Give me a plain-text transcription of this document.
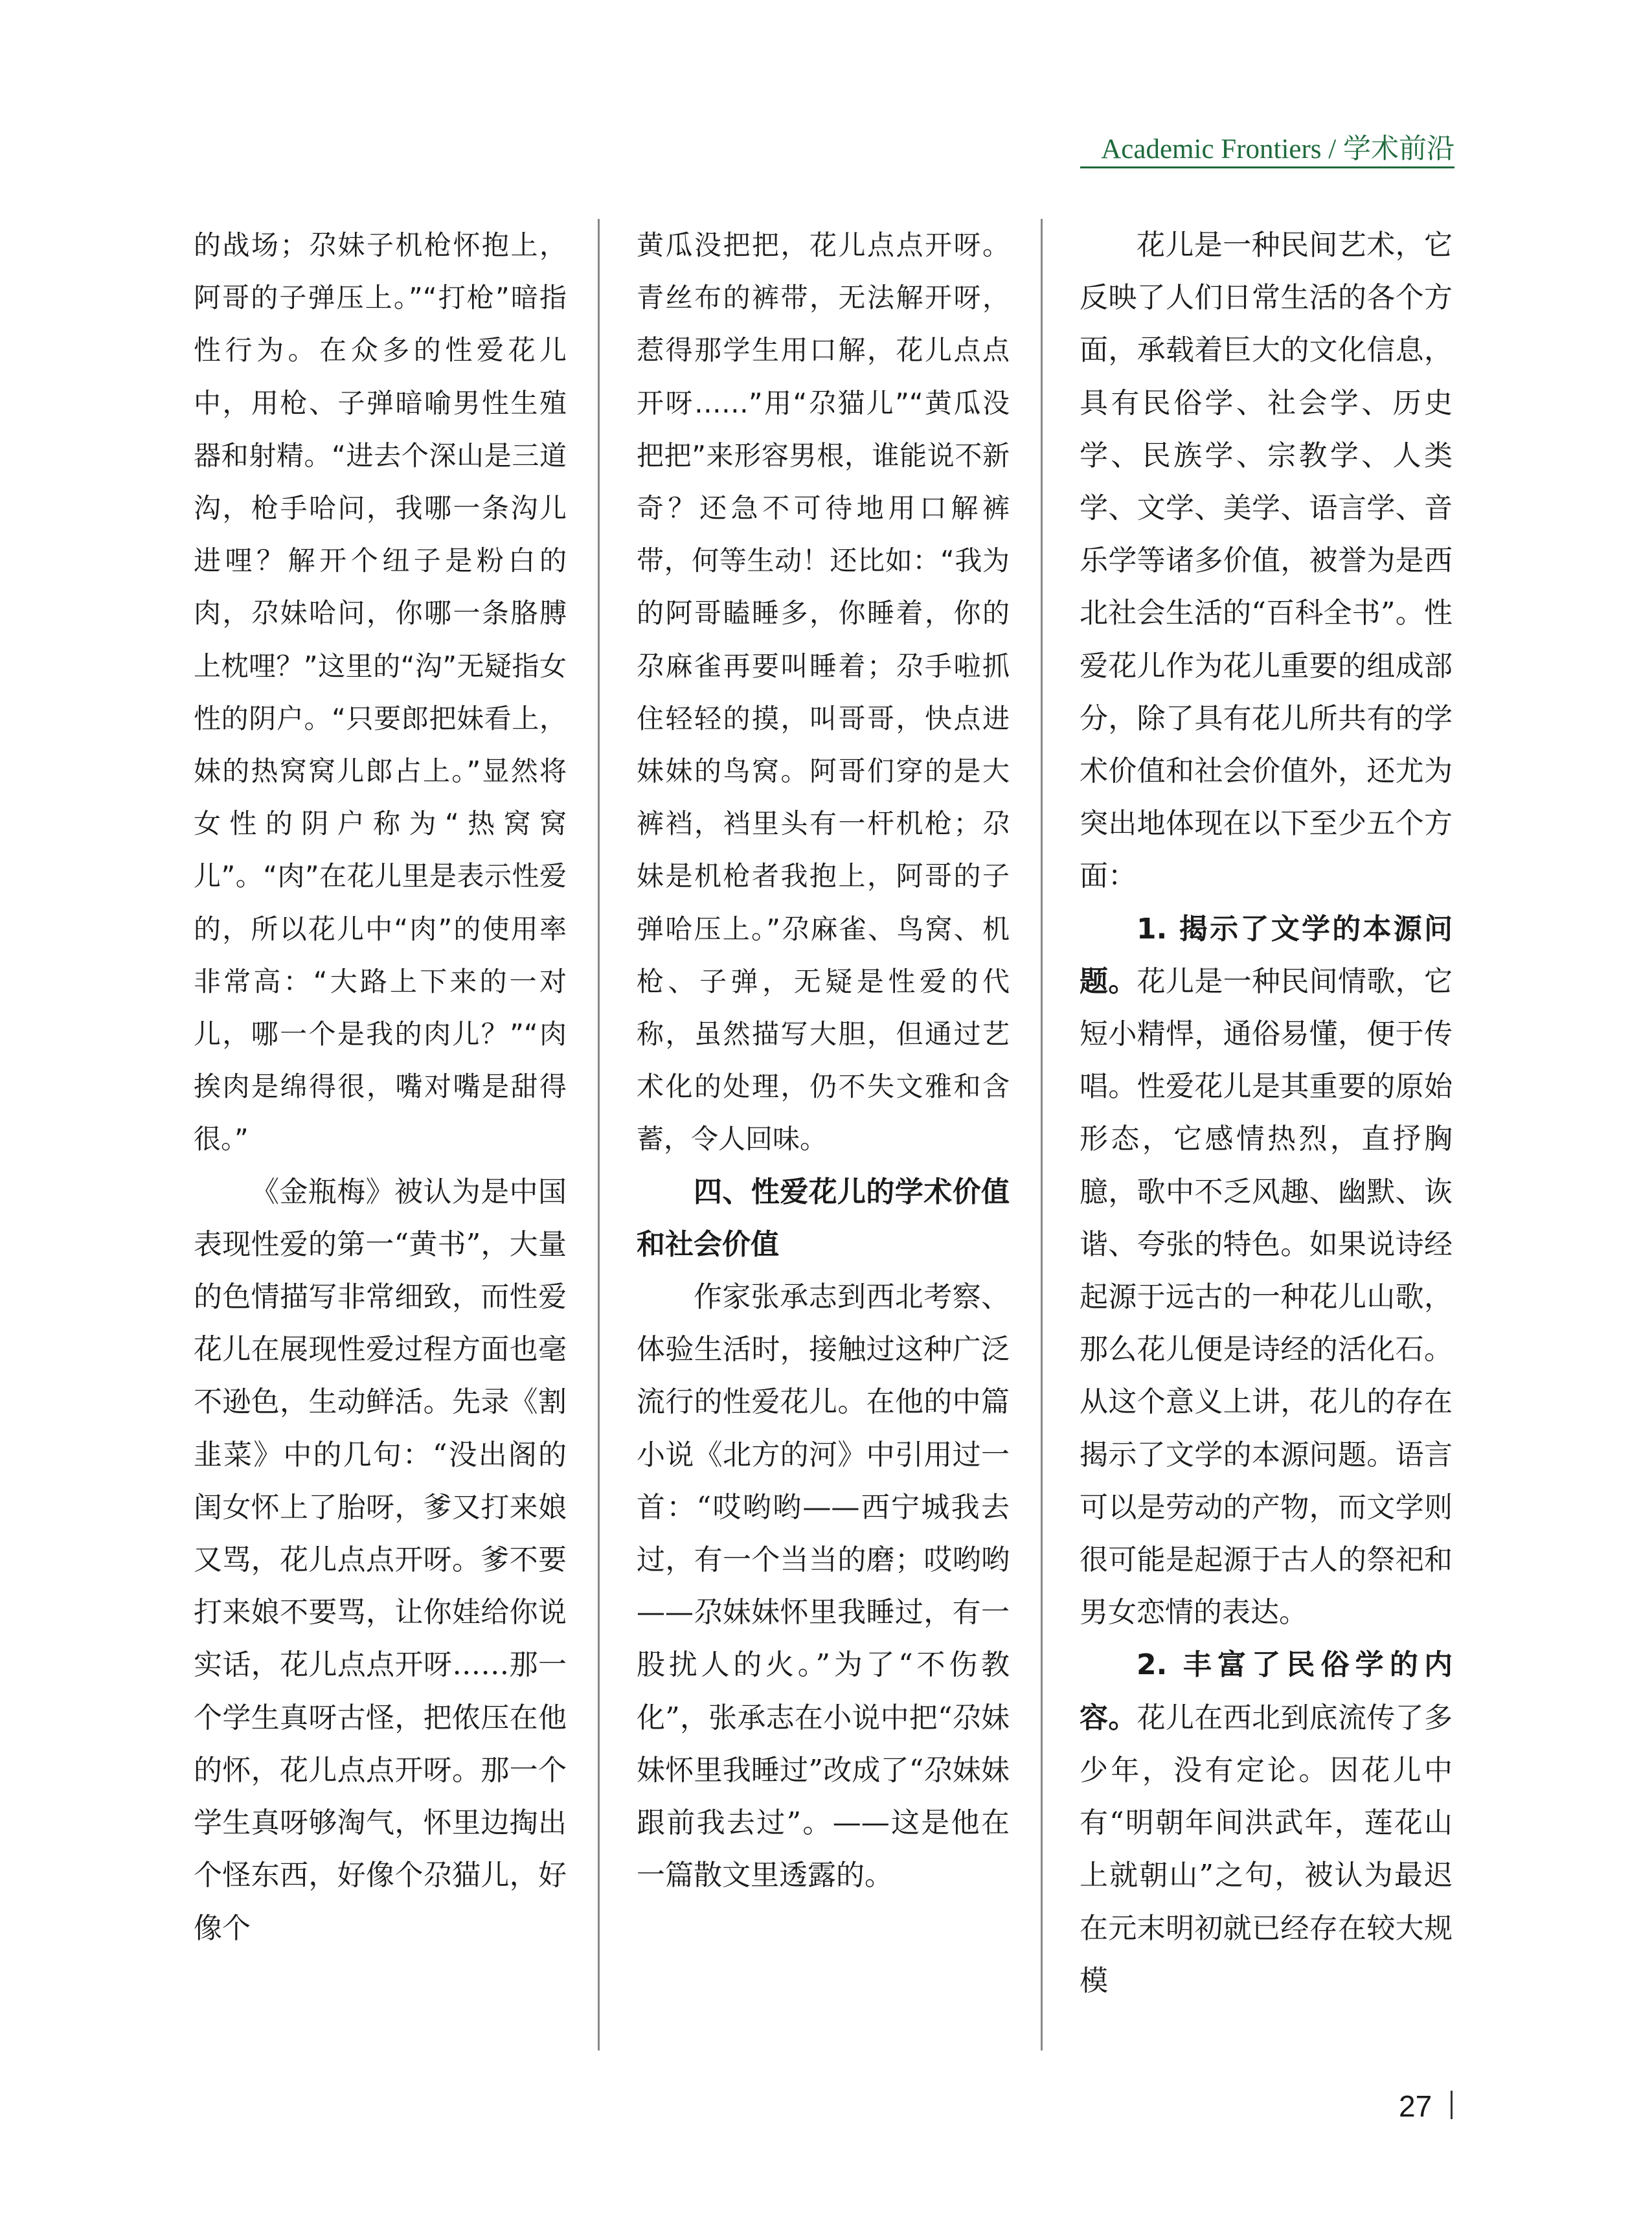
Academic Frontiers / 学术前沿

的战场；尕妹子机枪怀抱上，阿哥的子弹压上。”“打枪”暗指性行为。在众多的性爱花儿中，用枪、子弹暗喻男性生殖器和射精。“进去个深山是三道沟，枪手哈问，我哪一条沟儿进哩？解开个纽子是粉白的肉，尕妹哈问，你哪一条胳膊上枕哩？”这里的“沟”无疑指女性的阴户。“只要郎把妹看上，妹的热窝窝儿郎占上。”显然将女性的阴户称为“热窝窝儿”。“肉”在花儿里是表示性爱的，所以花儿中“肉”的使用率非常高：“大路上下来的一对儿，哪一个是我的肉儿？”“肉挨肉是绵得很，嘴对嘴是甜得很。”

《金瓶梅》被认为是中国表现性爱的第一“黄书”，大量的色情描写非常细致，而性爱花儿在展现性爱过程方面也毫不逊色，生动鲜活。先录《割韭菜》中的几句：“没出阁的闺女怀上了胎呀，爹又打来娘又骂，花儿点点开呀。爹不要打来娘不要骂，让你娃给你说实话，花儿点点开呀……那一个学生真呀古怪，把侬压在他的怀，花儿点点开呀。那一个学生真呀够淘气，怀里边掏出个怪东西，好像个尕猫儿，好像个

黄瓜没把把，花儿点点开呀。青丝布的裤带，无法解开呀，惹得那学生用口解，花儿点点开呀……”用“尕猫儿”“黄瓜没把把”来形容男根，谁能说不新奇？还急不可待地用口解裤带，何等生动！还比如：“我为的阿哥瞌睡多，你睡着，你的尕麻雀再要叫睡着；尕手啦抓住轻轻的摸，叫哥哥，快点进妹妹的鸟窝。阿哥们穿的是大裤裆，裆里头有一杆机枪；尕妹是机枪者我抱上，阿哥的子弹哈压上。”尕麻雀、鸟窝、机枪、子弹，无疑是性爱的代称，虽然描写大胆，但通过艺术化的处理，仍不失文雅和含蓄，令人回味。

四、性爱花儿的学术价值和社会价值

作家张承志到西北考察、体验生活时，接触过这种广泛流行的性爱花儿。在他的中篇小说《北方的河》中引用过一首：“哎哟哟——西宁城我去过，有一个当当的磨；哎哟哟——尕妹妹怀里我睡过，有一股扰人的火。”为了“不伤教化”，张承志在小说中把“尕妹妹怀里我睡过”改成了“尕妹妹跟前我去过”。——这是他在一篇散文里透露的。

花儿是一种民间艺术，它反映了人们日常生活的各个方面，承载着巨大的文化信息，具有民俗学、社会学、历史学、民族学、宗教学、人类学、文学、美学、语言学、音乐学等诸多价值，被誉为是西北社会生活的“百科全书”。性爱花儿作为花儿重要的组成部分，除了具有花儿所共有的学术价值和社会价值外，还尤为突出地体现在以下至少五个方面：

1. 揭示了文学的本源问题。花儿是一种民间情歌，它短小精悍，通俗易懂，便于传唱。性爱花儿是其重要的原始形态，它感情热烈，直抒胸臆，歌中不乏风趣、幽默、诙谐、夸张的特色。如果说诗经起源于远古的一种花儿山歌，那么花儿便是诗经的活化石。从这个意义上讲，花儿的存在揭示了文学的本源问题。语言可以是劳动的产物，而文学则很可能是起源于古人的祭祀和男女恋情的表达。

2. 丰富了民俗学的内容。花儿在西北到底流传了多少年，没有定论。因花儿中有“明朝年间洪武年，莲花山上就朝山”之句，被认为最迟在元末明初就已经存在较大规模

27
